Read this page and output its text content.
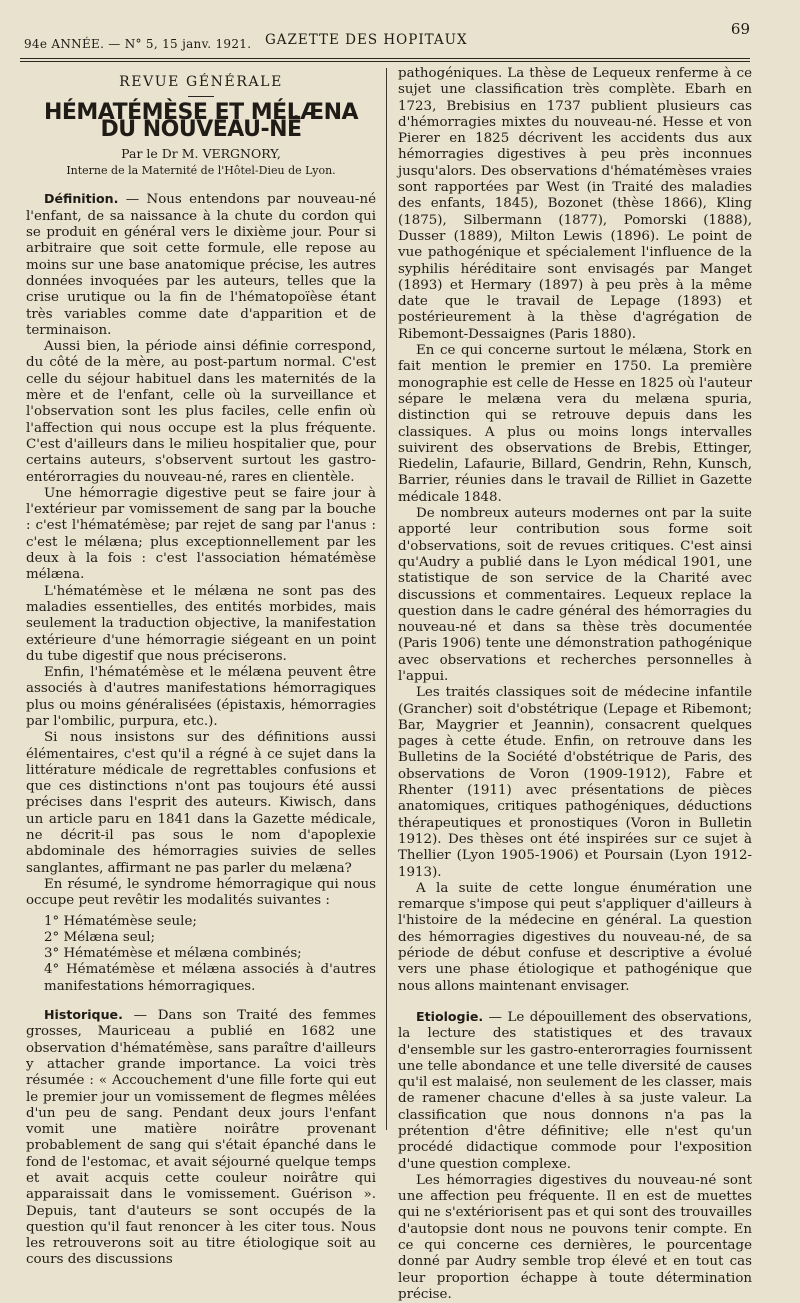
94e ANNÉE. — N° 5, 15 janv. 1921. GAZETTE DES HOPITAUX
69
REVUE GÉNÉRALE
HÉMATÉMÈSE ET MÉLÆNA DU NOUVEAU-NÉ
Par le Dr M. VERGNORY,
Interne de la Maternité de l'Hôtel-Dieu de Lyon.

Définition. — Nous entendons par nouveau-né l'enfant, de sa naissance à la chute du cordon qui se produit en général vers le dixième jour. Pour si arbitraire que soit cette formule, elle repose au moins sur une base anatomique précise, les autres données invoquées par les auteurs, telles que la crise urutique ou la fin de l'hématopoïèse étant très variables comme date d'apparition et de terminaison.

Aussi bien, la période ainsi définie correspond, du côté de la mère, au post-partum normal. C'est celle du séjour habituel dans les maternités de la mère et de l'enfant, celle où la surveillance et l'observation sont les plus faciles, celle enfin où l'affection qui nous occupe est la plus fréquente. C'est d'ailleurs dans le milieu hospitalier que, pour certains auteurs, s'observent surtout les gastro-entérorragies du nouveau-né, rares en clientèle.

Une hémorragie digestive peut se faire jour à l'extérieur par vomissement de sang par la bouche : c'est l'hématémèse; par rejet de sang par l'anus : c'est le mélæna; plus exceptionnellement par les deux à la fois : c'est l'association hématémèse mélæna.

L'hématémèse et le mélæna ne sont pas des maladies essentielles, des entités morbides, mais seulement la traduction objective, la manifestation extérieure d'une hémorragie siégeant en un point du tube digestif que nous préciserons.

Enfin, l'hématémèse et le mélæna peuvent être associés à d'autres manifestations hémorragiques plus ou moins généralisées (épistaxis, hémorragies par l'ombilic, purpura, etc.).

Si nous insistons sur des définitions aussi élémentaires, c'est qu'il a régné à ce sujet dans la littérature médicale de regrettables confusions et que ces distinctions n'ont pas toujours été aussi précises dans l'esprit des auteurs. Kiwisch, dans un article paru en 1841 dans la Gazette médicale, ne décrit-il pas sous le nom d'apoplexie abdominale des hémorragies suivies de selles sanglantes, affirmant ne pas parler du melæna?

En résumé, le syndrome hémorragique qui nous occupe peut revêtir les modalités suivantes :

1° Hématémèse seule;
2° Mélæna seul;
3° Hématémèse et mélæna combinés;
4° Hématémèse et mélæna associés à d'autres manifestations hémorragiques.

Historique. — Dans son Traité des femmes grosses, Mauriceau a publié en 1682 une observation d'hématémèse, sans paraître d'ailleurs y attacher grande importance. La voici très résumée : « Accouchement d'une fille forte qui eut le premier jour un vomissement de flegmes mêlées d'un peu de sang. Pendant deux jours l'enfant vomit une matière noirâtre provenant probablement de sang qui s'était épanché dans le fond de l'estomac, et avait séjourné quelque temps et avait acquis cette couleur noirâtre qui apparaissait dans le vomissement. Guérison ». Depuis, tant d'auteurs se sont occupés de la question qu'il faut renoncer à les citer tous. Nous les retrouverons soit au titre étiologique soit au cours des discussions

pathogéniques. La thèse de Lequeux renferme à ce sujet une classification très complète. Ebarh en 1723, Brebisius en 1737 publient plusieurs cas d'hémorragies mixtes du nouveau-né. Hesse et von Pierer en 1825 décrivent les accidents dus aux hémorragies digestives à peu près inconnues jusqu'alors. Des observations d'hématémèses vraies sont rapportées par West (in Traité des maladies des enfants, 1845), Bozonet (thèse 1866), Kling (1875), Silbermann (1877), Pomorski (1888), Dusser (1889), Milton Lewis (1896). Le point de vue pathogénique et spécialement l'influence de la syphilis héréditaire sont envisagés par Manget (1893) et Hermary (1897) à peu près à la même date que le travail de Lepage (1893) et postérieurement à la thèse d'agrégation de Ribemont-Dessaignes (Paris 1880).

En ce qui concerne surtout le mélæna, Stork en fait mention le premier en 1750. La première monographie est celle de Hesse en 1825 où l'auteur sépare le melæna vera du melæna spuria, distinction qui se retrouve depuis dans les classiques. A plus ou moins longs intervalles suivirent des observations de Brebis, Ettinger, Riedelin, Lafaurie, Billard, Gendrin, Rehn, Kunsch, Barrier, réunies dans le travail de Rilliet in Gazette médicale 1848.

De nombreux auteurs modernes ont par la suite apporté leur contribution sous forme soit d'observations, soit de revues critiques. C'est ainsi qu'Audry a publié dans le Lyon médical 1901, une statistique de son service de la Charité avec discussions et commentaires. Lequeux replace la question dans le cadre général des hémorragies du nouveau-né et dans sa thèse très documentée (Paris 1906) tente une démonstration pathogénique avec observations et recherches personnelles à l'appui.

Les traités classiques soit de médecine infantile (Grancher) soit d'obstétrique (Lepage et Ribemont; Bar, Maygrier et Jeannin), consacrent quelques pages à cette étude. Enfin, on retrouve dans les Bulletins de la Société d'obstétrique de Paris, des observations de Voron (1909-1912), Fabre et Rhenter (1911) avec présentations de pièces anatomiques, critiques pathogéniques, déductions thérapeutiques et pronostiques (Voron in Bulletin 1912). Des thèses ont été inspirées sur ce sujet à Thellier (Lyon 1905-1906) et Poursain (Lyon 1912-1913).

A la suite de cette longue énumération une remarque s'impose qui peut s'appliquer d'ailleurs à l'histoire de la médecine en général. La question des hémorragies digestives du nouveau-né, de sa période de début confuse et descriptive a évolué vers une phase étiologique et pathogénique que nous allons maintenant envisager.

Etiologie. — Le dépouillement des observations, la lecture des statistiques et des travaux d'ensemble sur les gastro-enterorragies fournissent une telle abondance et une telle diversité de causes qu'il est malaisé, non seulement de les classer, mais de ramener chacune d'elles à sa juste valeur. La classification que nous donnons n'a pas la prétention d'être définitive; elle n'est qu'un procédé didactique commode pour l'exposition d'une question complexe.

Les hémorragies digestives du nouveau-né sont une affection peu fréquente. Il en est de muettes qui ne s'extériorisent pas et qui sont des trouvailles d'autopsie dont nous ne pouvons tenir compte. En ce qui concerne ces dernières, le pourcentage donné par Audry semble trop élevé et en tout cas leur proportion échappe à toute détermination précise.
